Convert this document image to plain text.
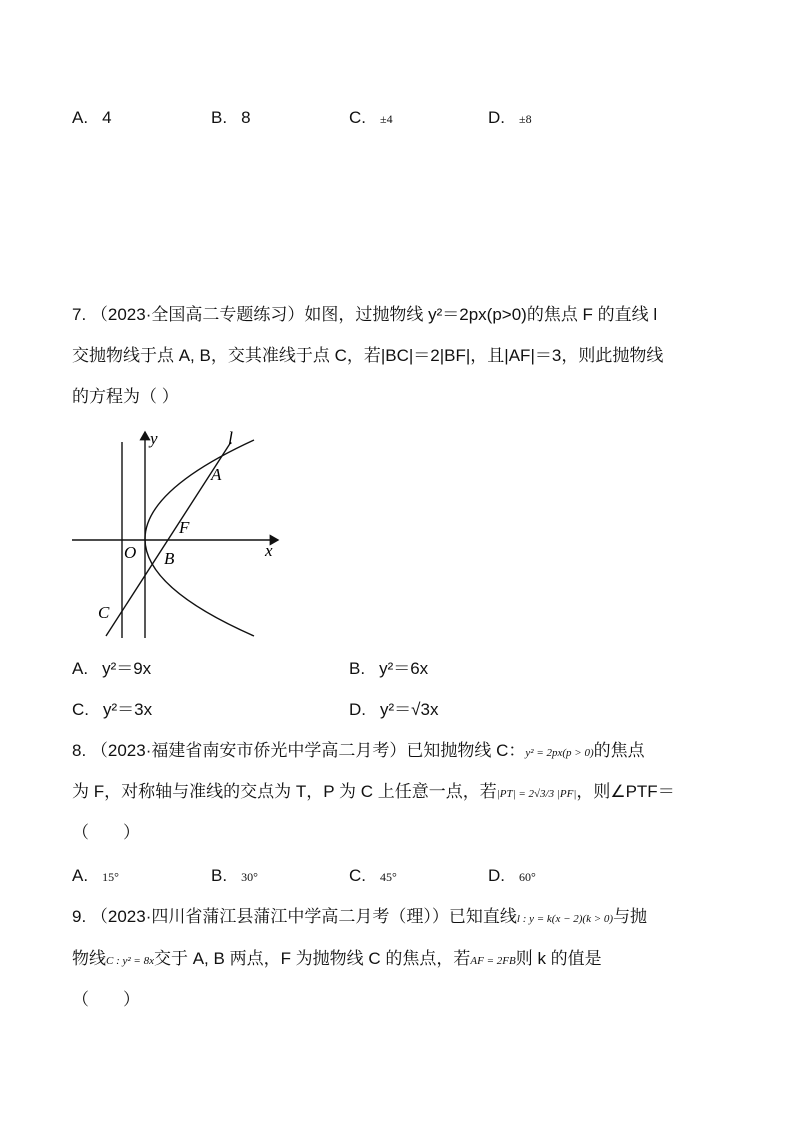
A. 4	B. 8	C. ±4	D. ±8
7. （2023·全国高二专题练习）如图，过抛物线 y²＝2px(p>0)的焦点 F 的直线 l
交抛物线于点 A, B，交其准线于点 C，若|BC|＝2|BF|，且|AF|＝3，则此抛物线
的方程为（ ）
y	l
A
F
O B	x
C
A. y²＝9x	B. y²＝6x
C. y²＝3x	D. y²＝√3x
8. （2023·福建省南安市侨光中学高二月考）已知抛物线 C：y² = 2px(p > 0)的焦点
为 F，对称轴与准线的交点为 T，P 为 C 上任意一点，若|PT| = 2√3/3 |PF|，则∠PTF＝
（　　）
A. 15°	B. 30°	C. 45°	D. 60°
9. （2023·四川省蒲江县蒲江中学高二月考（理））已知直线l : y = k(x − 2)(k > 0)与抛
物线C : y² = 8x交于 A, B 两点，F 为抛物线 C 的焦点，若AF = 2FB则 k 的值是
（　　）
